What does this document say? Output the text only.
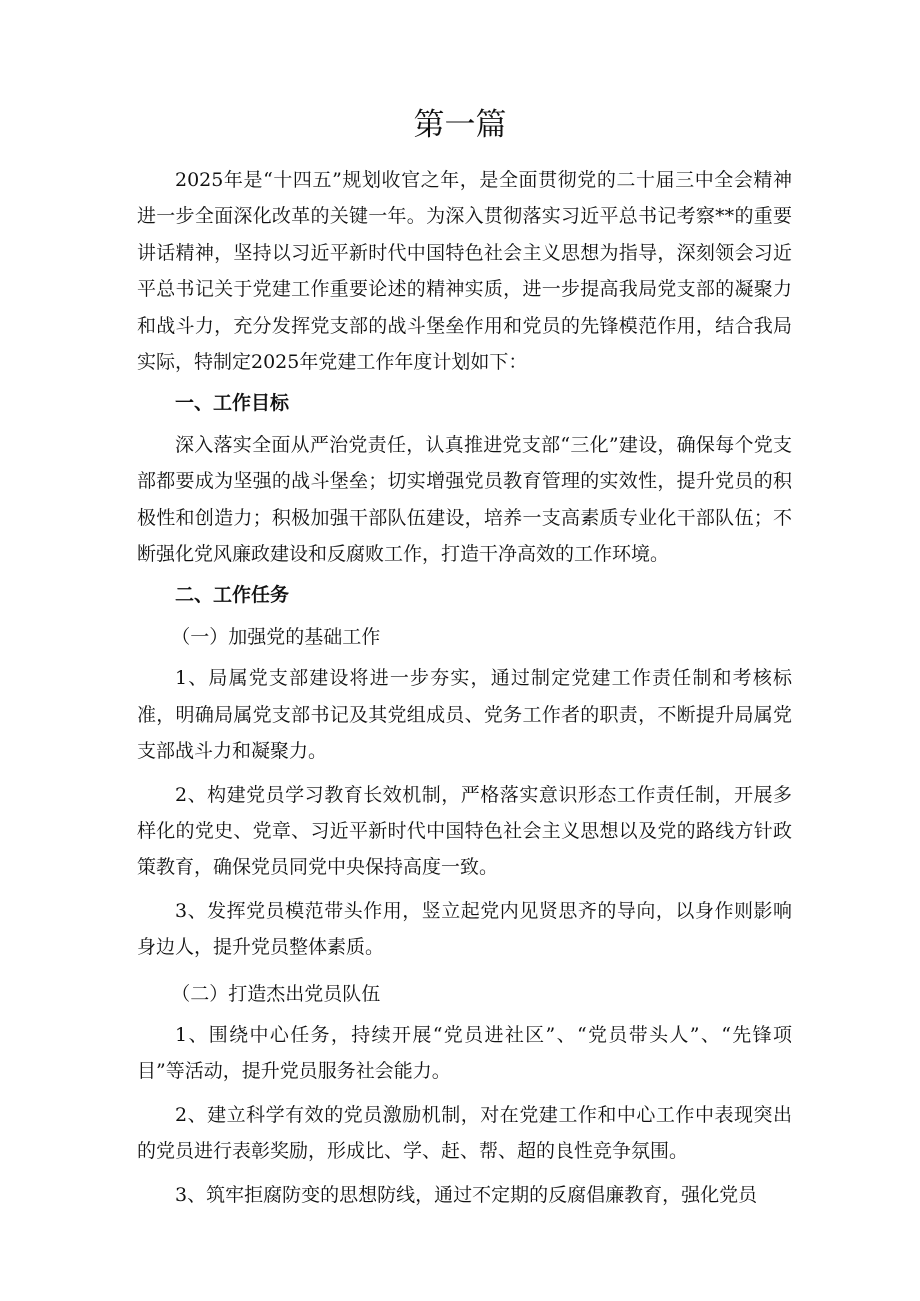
第一篇

2025年是“十四五”规划收官之年，是全面贯彻党的二十届三中全会精神进一步全面深化改革的关键一年。为深入贯彻落实习近平总书记考察**的重要讲话精神，坚持以习近平新时代中国特色社会主义思想为指导，深刻领会习近平总书记关于党建工作重要论述的精神实质，进一步提高我局党支部的凝聚力和战斗力，充分发挥党支部的战斗堡垒作用和党员的先锋模范作用，结合我局实际，特制定2025年党建工作年度计划如下：

一、工作目标

深入落实全面从严治党责任，认真推进党支部“三化”建设，确保每个党支部都要成为坚强的战斗堡垒；切实增强党员教育管理的实效性，提升党员的积极性和创造力；积极加强干部队伍建设，培养一支高素质专业化干部队伍；不断强化党风廉政建设和反腐败工作，打造干净高效的工作环境。

二、工作任务

（一）加强党的基础工作

1、局属党支部建设将进一步夯实，通过制定党建工作责任制和考核标准，明确局属党支部书记及其党组成员、党务工作者的职责，不断提升局属党支部战斗力和凝聚力。

2、构建党员学习教育长效机制，严格落实意识形态工作责任制，开展多样化的党史、党章、习近平新时代中国特色社会主义思想以及党的路线方针政策教育，确保党员同党中央保持高度一致。

3、发挥党员模范带头作用，竖立起党内见贤思齐的导向，以身作则影响身边人，提升党员整体素质。

（二）打造杰出党员队伍

1、围绕中心任务，持续开展“党员进社区”、“党员带头人”、“先锋项目”等活动，提升党员服务社会能力。

2、建立科学有效的党员激励机制，对在党建工作和中心工作中表现突出的党员进行表彰奖励，形成比、学、赶、帮、超的良性竞争氛围。

3、筑牢拒腐防变的思想防线，通过不定期的反腐倡廉教育，强化党员
